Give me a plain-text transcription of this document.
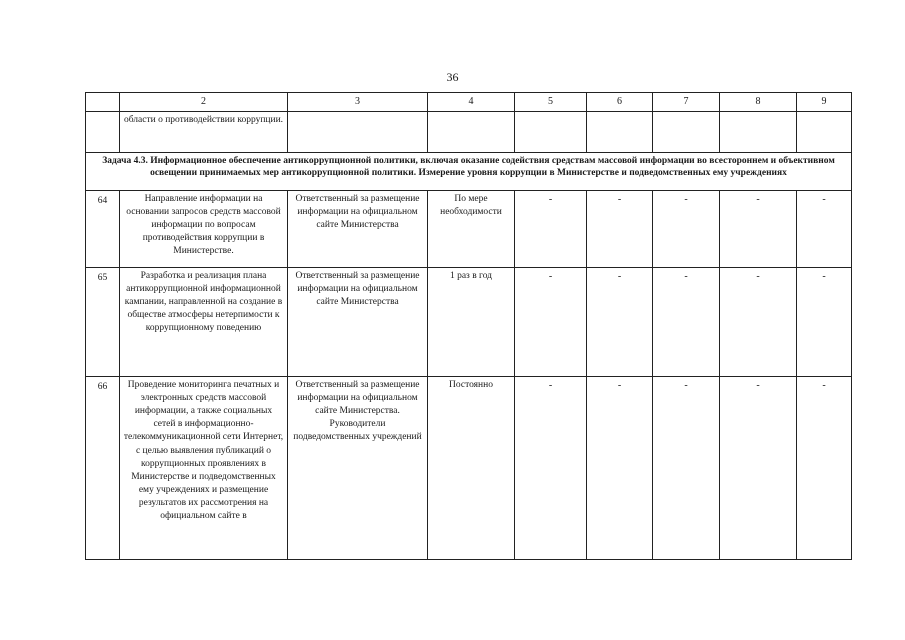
36
	2	3	4	5	6	7	8	9
	области о противодействии коррупции.							
Задача 4.3. Информационное обеспечение антикоррупционной политики, включая оказание содействия средствам массовой информации во всестороннем и объективном освещении принимаемых мер антикоррупционной политики. Измерение уровня коррупции в Министерстве и подведомственных ему учреждениях								
64	Направление информации на основании запросов средств массовой информации по вопросам противодействия коррупции в Министерстве.	Ответственный за размещение информации на официальном сайте Министерства	По мере необходимости	-	-	-	-	-
65	Разработка и реализация плана антикоррупционной информационной кампании, направленной на создание в обществе атмосферы нетерпимости к коррупционному поведению	Ответственный за размещение информации на официальном сайте Министерства	1 раз в год	-	-	-	-	-
66	Проведение мониторинга печатных и электронных средств массовой информации, а также социальных сетей в информационно-телекоммуникационной сети Интернет, с целью выявления публикаций о коррупционных проявлениях в Министерстве и подведомственных ему учреждениях и размещение результатов их рассмотрения на официальном сайте в	Ответственный за размещение информации на официальном сайте Министерства. Руководители подведомственных учреждений	Постоянно	-	-	-	-	-
